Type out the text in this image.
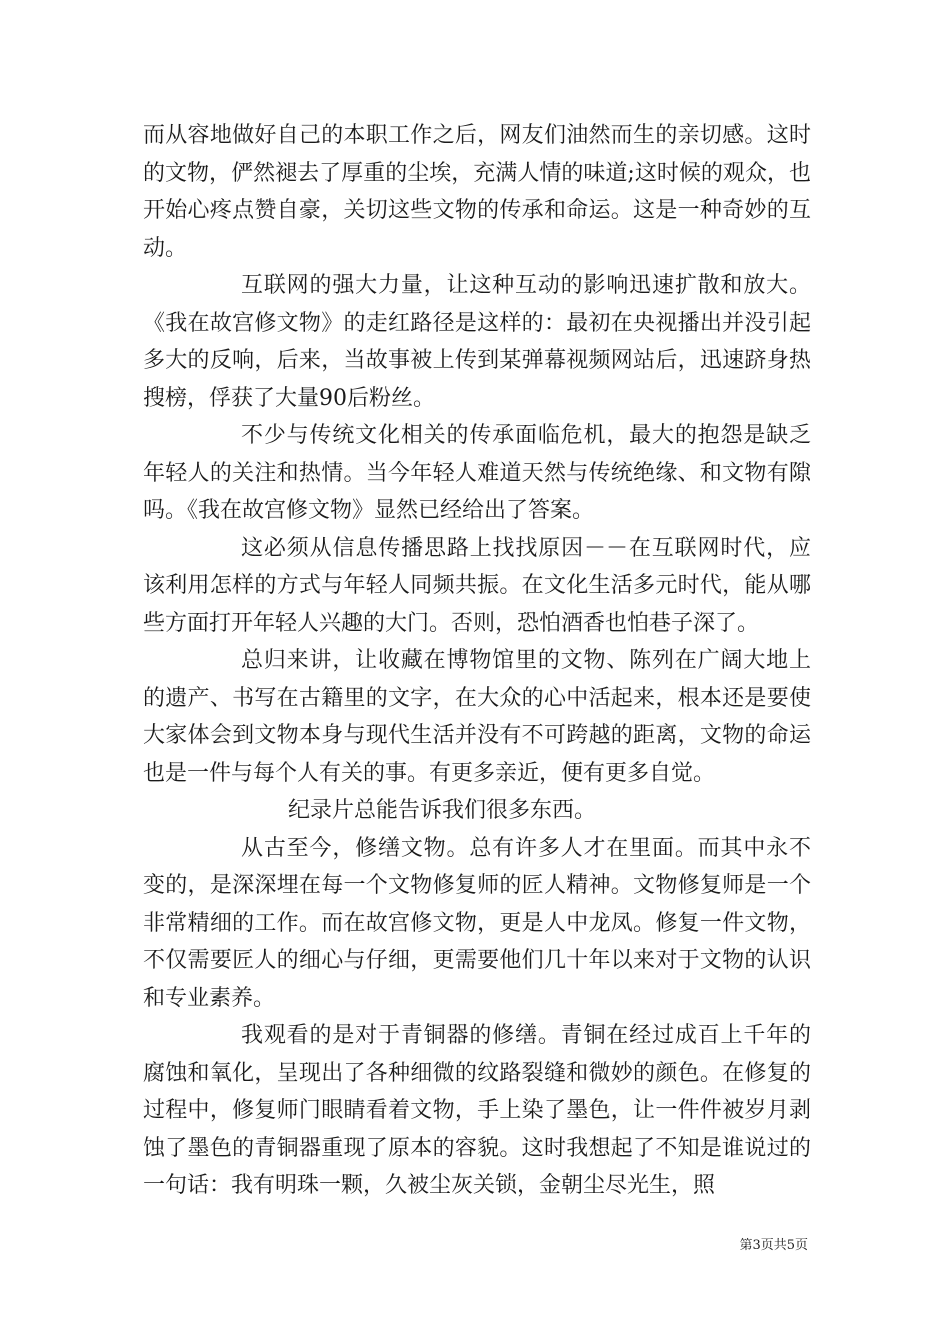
而从容地做好自己的本职工作之后，网友们油然而生的亲切感。这时的文物，俨然褪去了厚重的尘埃，充满人情的味道;这时候的观众，也开始心疼点赞自豪，关切这些文物的传承和命运。这是一种奇妙的互动。

互联网的强大力量，让这种互动的影响迅速扩散和放大。《我在故宫修文物》的走红路径是这样的：最初在央视播出并没引起多大的反响，后来，当故事被上传到某弹幕视频网站后，迅速跻身热搜榜，俘获了大量90后粉丝。

不少与传统文化相关的传承面临危机，最大的抱怨是缺乏年轻人的关注和热情。当今年轻人难道天然与传统绝缘、和文物有隙吗。《我在故宫修文物》显然已经给出了答案。

这必须从信息传播思路上找找原因－－在互联网时代，应该利用怎样的方式与年轻人同频共振。在文化生活多元时代，能从哪些方面打开年轻人兴趣的大门。否则，恐怕酒香也怕巷子深了。

总归来讲，让收藏在博物馆里的文物、陈列在广阔大地上的遗产、书写在古籍里的文字，在大众的心中活起来，根本还是要使大家体会到文物本身与现代生活并没有不可跨越的距离，文物的命运也是一件与每个人有关的事。有更多亲近，便有更多自觉。

纪录片总能告诉我们很多东西。

从古至今，修缮文物。总有许多人才在里面。而其中永不变的，是深深埋在每一个文物修复师的匠人精神。文物修复师是一个非常精细的工作。而在故宫修文物，更是人中龙凤。修复一件文物，不仅需要匠人的细心与仔细，更需要他们几十年以来对于文物的认识和专业素养。

我观看的是对于青铜器的修缮。青铜在经过成百上千年的腐蚀和氧化，呈现出了各种细微的纹路裂缝和微妙的颜色。在修复的过程中，修复师门眼睛看着文物，手上染了墨色，让一件件被岁月剥蚀了墨色的青铜器重现了原本的容貌。这时我想起了不知是谁说过的一句话：我有明珠一颗，久被尘灰关锁，金朝尘尽光生，照

第3页共5页
